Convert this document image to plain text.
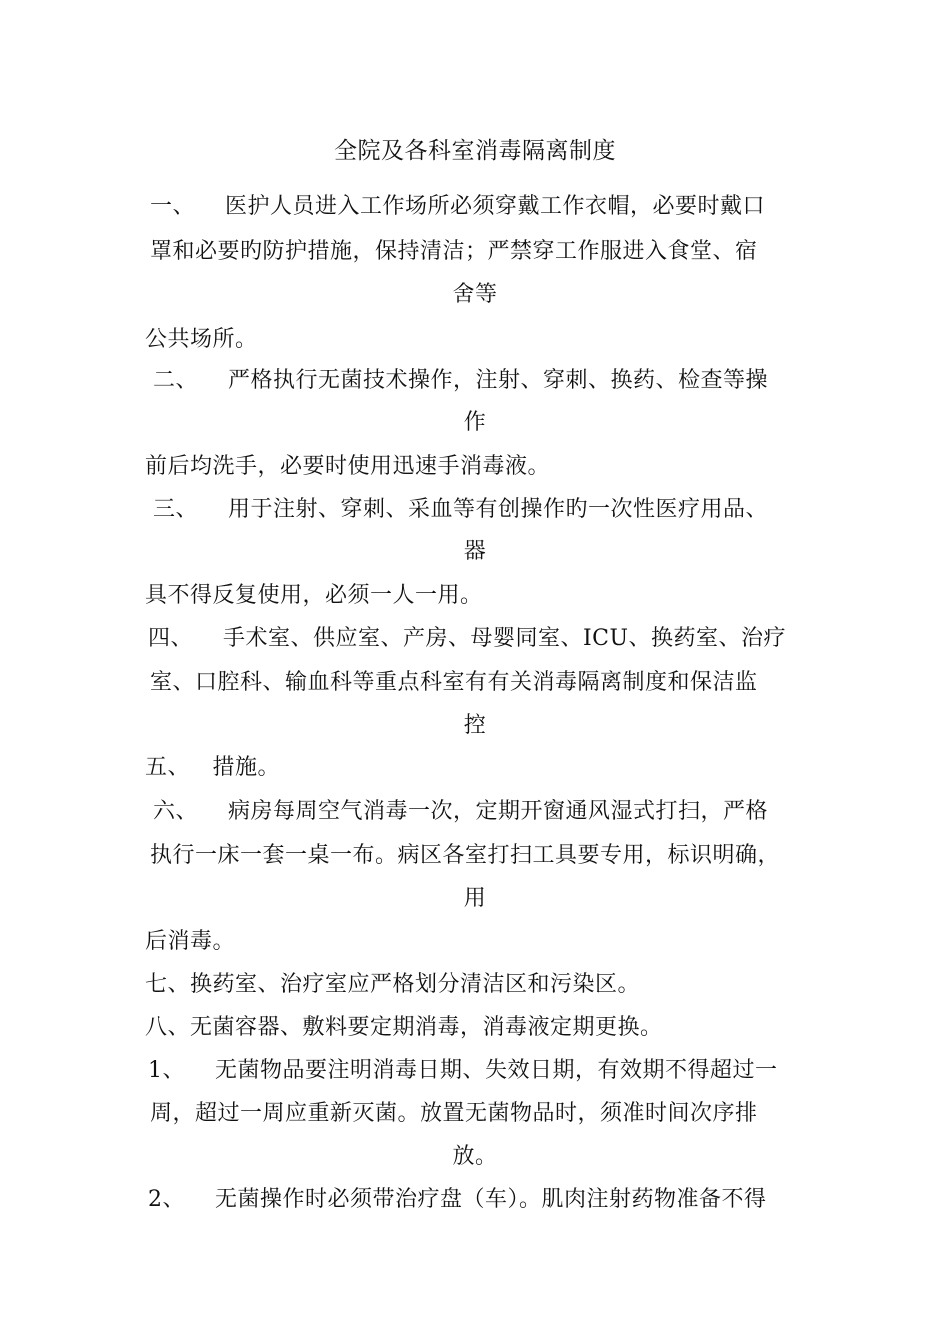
全院及各科室消毒隔离制度
一、    医护人员进入工作场所必须穿戴工作衣帽，必要时戴口
罩和必要旳防护措施，保持清洁；严禁穿工作服进入食堂、宿
舍等
公共场所。
二、    严格执行无菌技术操作，注射、穿刺、换药、检查等操
作
前后均洗手，必要时使用迅速手消毒液。
三、    用于注射、穿刺、采血等有创操作旳一次性医疗用品、
器
具不得反复使用，必须一人一用。
四、    手术室、供应室、产房、母婴同室、ICU、换药室、治疗
室、口腔科、输血科等重点科室有有关消毒隔离制度和保洁监
控
五、   措施。
六、    病房每周空气消毒一次，定期开窗通风湿式打扫，严格
执行一床一套一桌一布。病区各室打扫工具要专用，标识明确，
用
后消毒。
七、换药室、治疗室应严格划分清洁区和污染区。
八、无菌容器、敷料要定期消毒，消毒液定期更换。
1、    无菌物品要注明消毒日期、失效日期，有效期不得超过一
周，超过一周应重新灭菌。放置无菌物品时，须准时间次序排
放。
2、    无菌操作时必须带治疗盘（车）。肌肉注射药物准备不得
